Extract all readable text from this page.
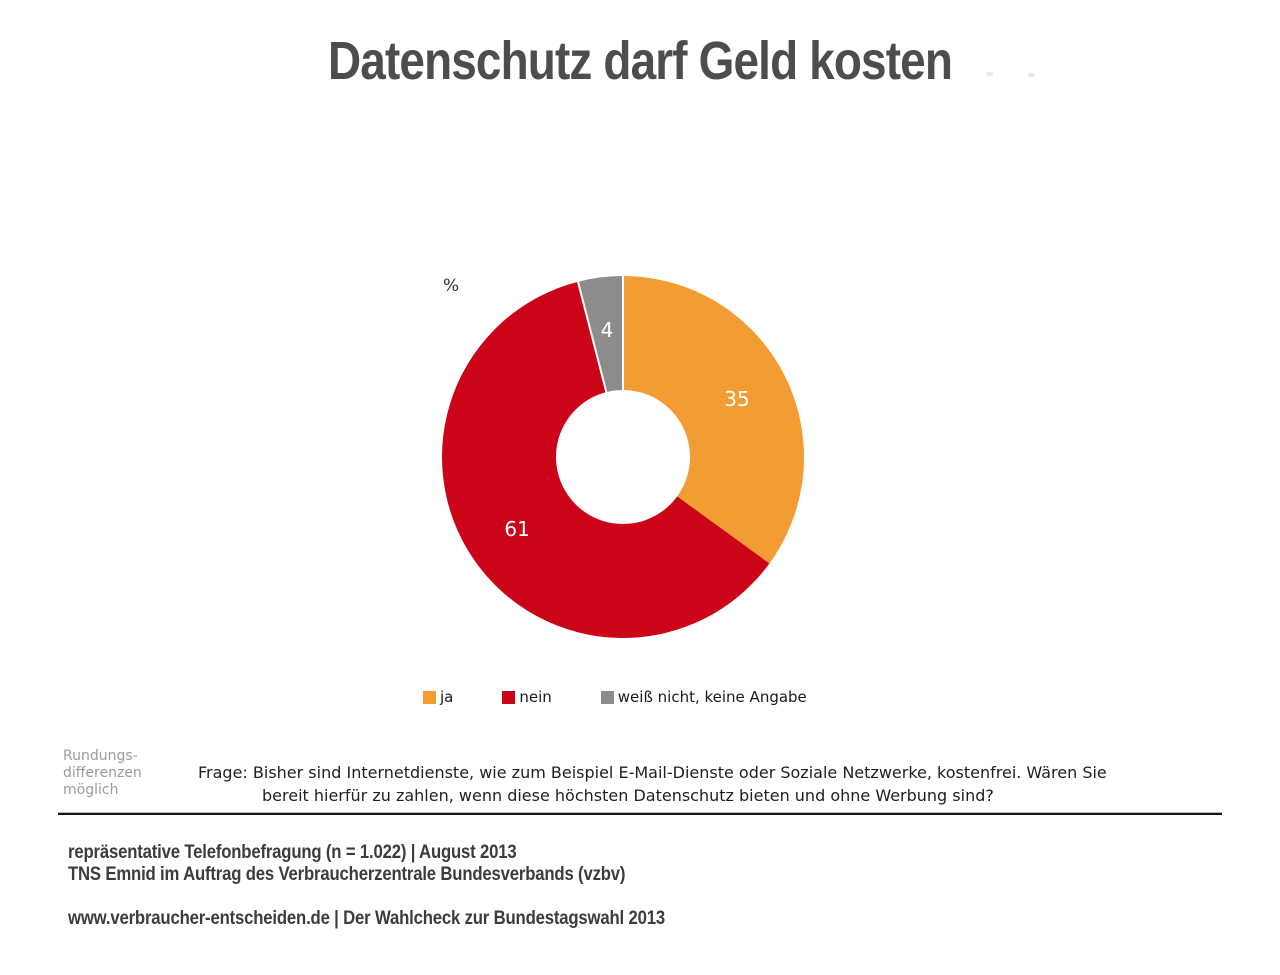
Datenschutz darf Geld kosten
%
35
61
4
ja	nein	weiß nicht, keine Angabe
Rundungs-
differenzen
möglich
Frage: Bisher sind Internetdienste, wie zum Beispiel E-Mail-Dienste oder Soziale Netzwerke, kostenfrei. Wären Sie
bereit hierfür zu zahlen, wenn diese höchsten Datenschutz bieten und ohne Werbung sind?
repräsentative Telefonbefragung (n = 1.022) | August 2013
TNS Emnid im Auftrag des Verbraucherzentrale Bundesverbands (vzbv)
www.verbraucher-entscheiden.de | Der Wahlcheck zur Bundestagswahl 2013
